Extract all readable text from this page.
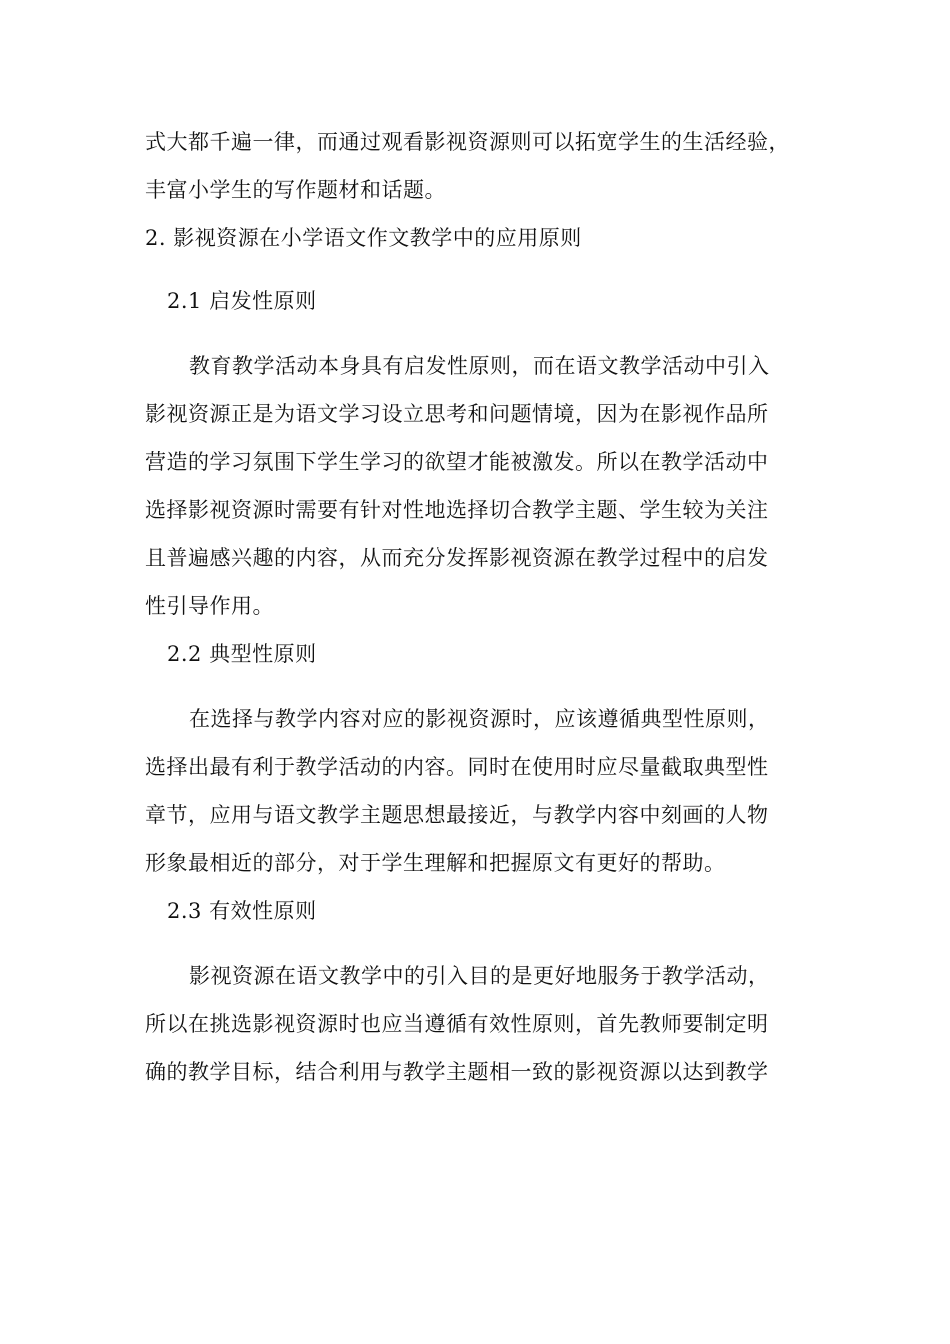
式大都千遍一律，而通过观看影视资源则可以拓宽学生的生活经验，
丰富小学生的写作题材和话题。
2. 影视资源在小学语文作文教学中的应用原则
2.1 启发性原则
教育教学活动本身具有启发性原则，而在语文教学活动中引入
影视资源正是为语文学习设立思考和问题情境，因为在影视作品所
营造的学习氛围下学生学习的欲望才能被激发。所以在教学活动中
选择影视资源时需要有针对性地选择切合教学主题、学生较为关注
且普遍感兴趣的内容，从而充分发挥影视资源在教学过程中的启发
性引导作用。
2.2 典型性原则
在选择与教学内容对应的影视资源时，应该遵循典型性原则，
选择出最有利于教学活动的内容。同时在使用时应尽量截取典型性
章节，应用与语文教学主题思想最接近，与教学内容中刻画的人物
形象最相近的部分，对于学生理解和把握原文有更好的帮助。
2.3 有效性原则
影视资源在语文教学中的引入目的是更好地服务于教学活动，
所以在挑选影视资源时也应当遵循有效性原则，首先教师要制定明
确的教学目标，结合利用与教学主题相一致的影视资源以达到教学
